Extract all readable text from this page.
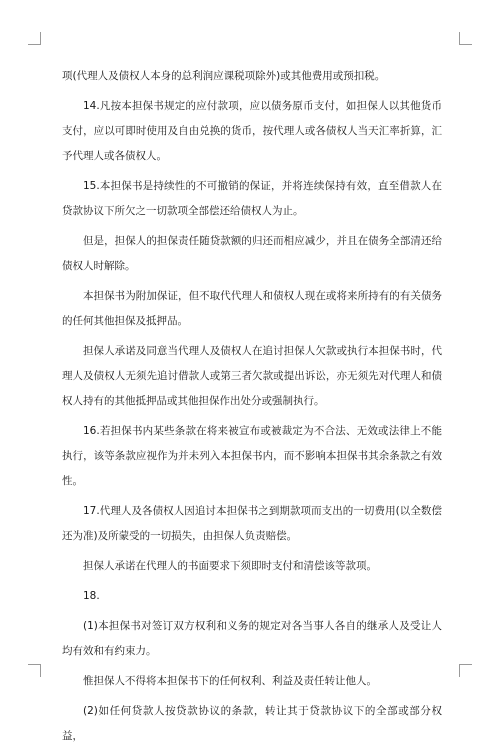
项(代理人及债权人本身的总利润应课税项除外)或其他费用或预扣税。

14.凡按本担保书规定的应付款项，应以债务原币支付，如担保人以其他货币支付，应以可即时使用及自由兑换的货币，按代理人或各债权人当天汇率折算，汇予代理人或各债权人。

15.本担保书是持续性的不可撤销的保证，并将连续保持有效，直至借款人在贷款协议下所欠之一切款项全部偿还给债权人为止。

但是，担保人的担保责任随贷款额的归还而相应减少，并且在债务全部清还给债权人时解除。

本担保书为附加保证，但不取代代理人和债权人现在或将来所持有的有关债务的任何其他担保及抵押品。

担保人承诺及同意当代理人及债权人在追讨担保人欠款或执行本担保书时，代理人及债权人无须先追讨借款人或第三者欠款或提出诉讼，亦无须先对代理人和债权人持有的其他抵押品或其他担保作出处分或强制执行。

16.若担保书内某些条款在将来被宣布或被裁定为不合法、无效或法律上不能执行，该等条款应视作为并未列入本担保书内，而不影响本担保书其余条款之有效性。

17.代理人及各债权人因追讨本担保书之到期款项而支出的一切费用(以全数偿还为准)及所蒙受的一切损失，由担保人负责赔偿。

担保人承诺在代理人的书面要求下须即时支付和清偿该等款项。

18.

(1)本担保书对签订双方权利和义务的规定对各当事人各自的继承人及受让人均有效和有约束力。

惟担保人不得将本担保书下的任何权利、利益及责任转让他人。

(2)如任何贷款人按贷款协议的条款，转让其于贷款协议下的全部或部分权益，
